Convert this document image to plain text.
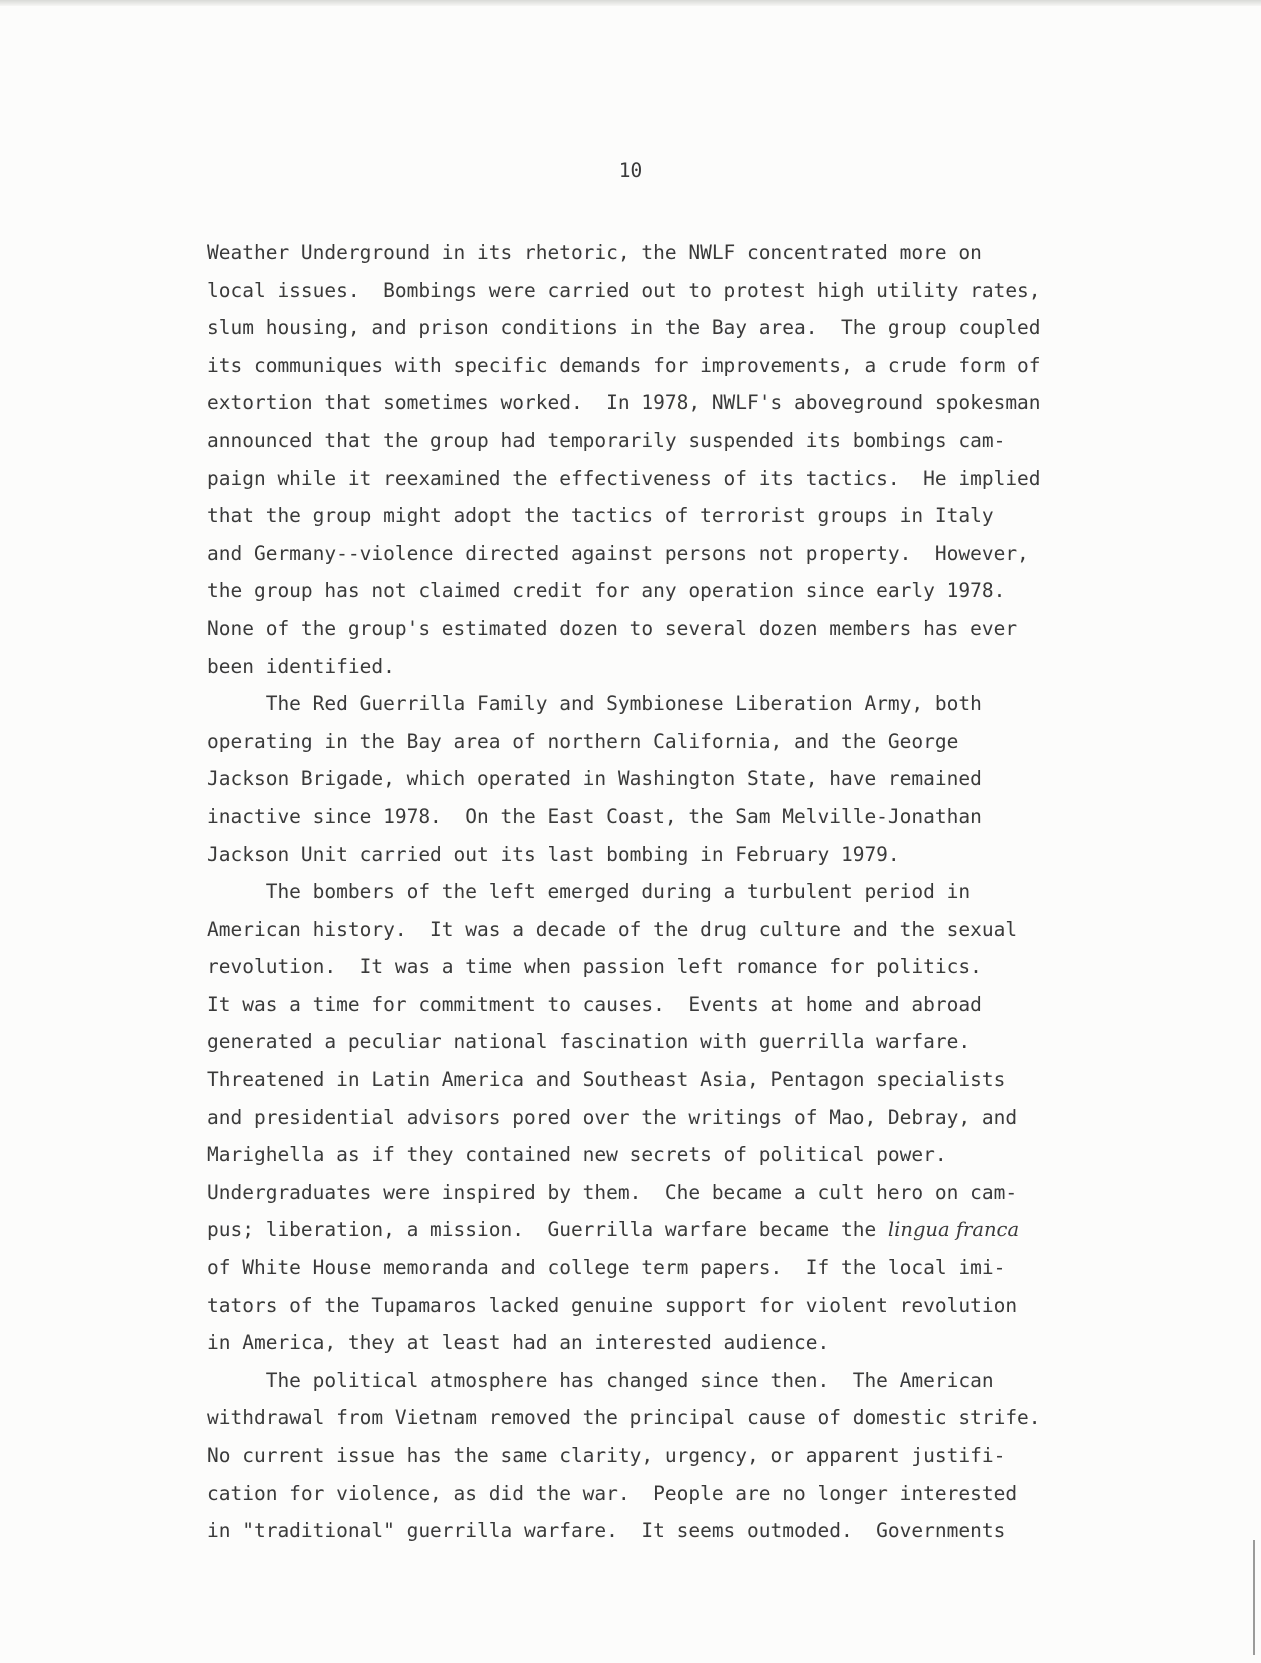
10
Weather Underground in its rhetoric, the NWLF concentrated more on
local issues.  Bombings were carried out to protest high utility rates,
slum housing, and prison conditions in the Bay area.  The group coupled
its communiques with specific demands for improvements, a crude form of
extortion that sometimes worked.  In 1978, NWLF's aboveground spokesman
announced that the group had temporarily suspended its bombings cam-
paign while it reexamined the effectiveness of its tactics.  He implied
that the group might adopt the tactics of terrorist groups in Italy
and Germany--violence directed against persons not property.  However,
the group has not claimed credit for any operation since early 1978.
None of the group's estimated dozen to several dozen members has ever
been identified.
The Red Guerrilla Family and Symbionese Liberation Army, both
operating in the Bay area of northern California, and the George
Jackson Brigade, which operated in Washington State, have remained
inactive since 1978.  On the East Coast, the Sam Melville-Jonathan
Jackson Unit carried out its last bombing in February 1979.
The bombers of the left emerged during a turbulent period in
American history.  It was a decade of the drug culture and the sexual
revolution.  It was a time when passion left romance for politics.
It was a time for commitment to causes.  Events at home and abroad
generated a peculiar national fascination with guerrilla warfare.
Threatened in Latin America and Southeast Asia, Pentagon specialists
and presidential advisors pored over the writings of Mao, Debray, and
Marighella as if they contained new secrets of political power.
Undergraduates were inspired by them.  Che became a cult hero on cam-
pus; liberation, a mission.  Guerrilla warfare became the lingua franca
of White House memoranda and college term papers.  If the local imi-
tators of the Tupamaros lacked genuine support for violent revolution
in America, they at least had an interested audience.
The political atmosphere has changed since then.  The American
withdrawal from Vietnam removed the principal cause of domestic strife.
No current issue has the same clarity, urgency, or apparent justifi-
cation for violence, as did the war.  People are no longer interested
in "traditional" guerrilla warfare.  It seems outmoded.  Governments
